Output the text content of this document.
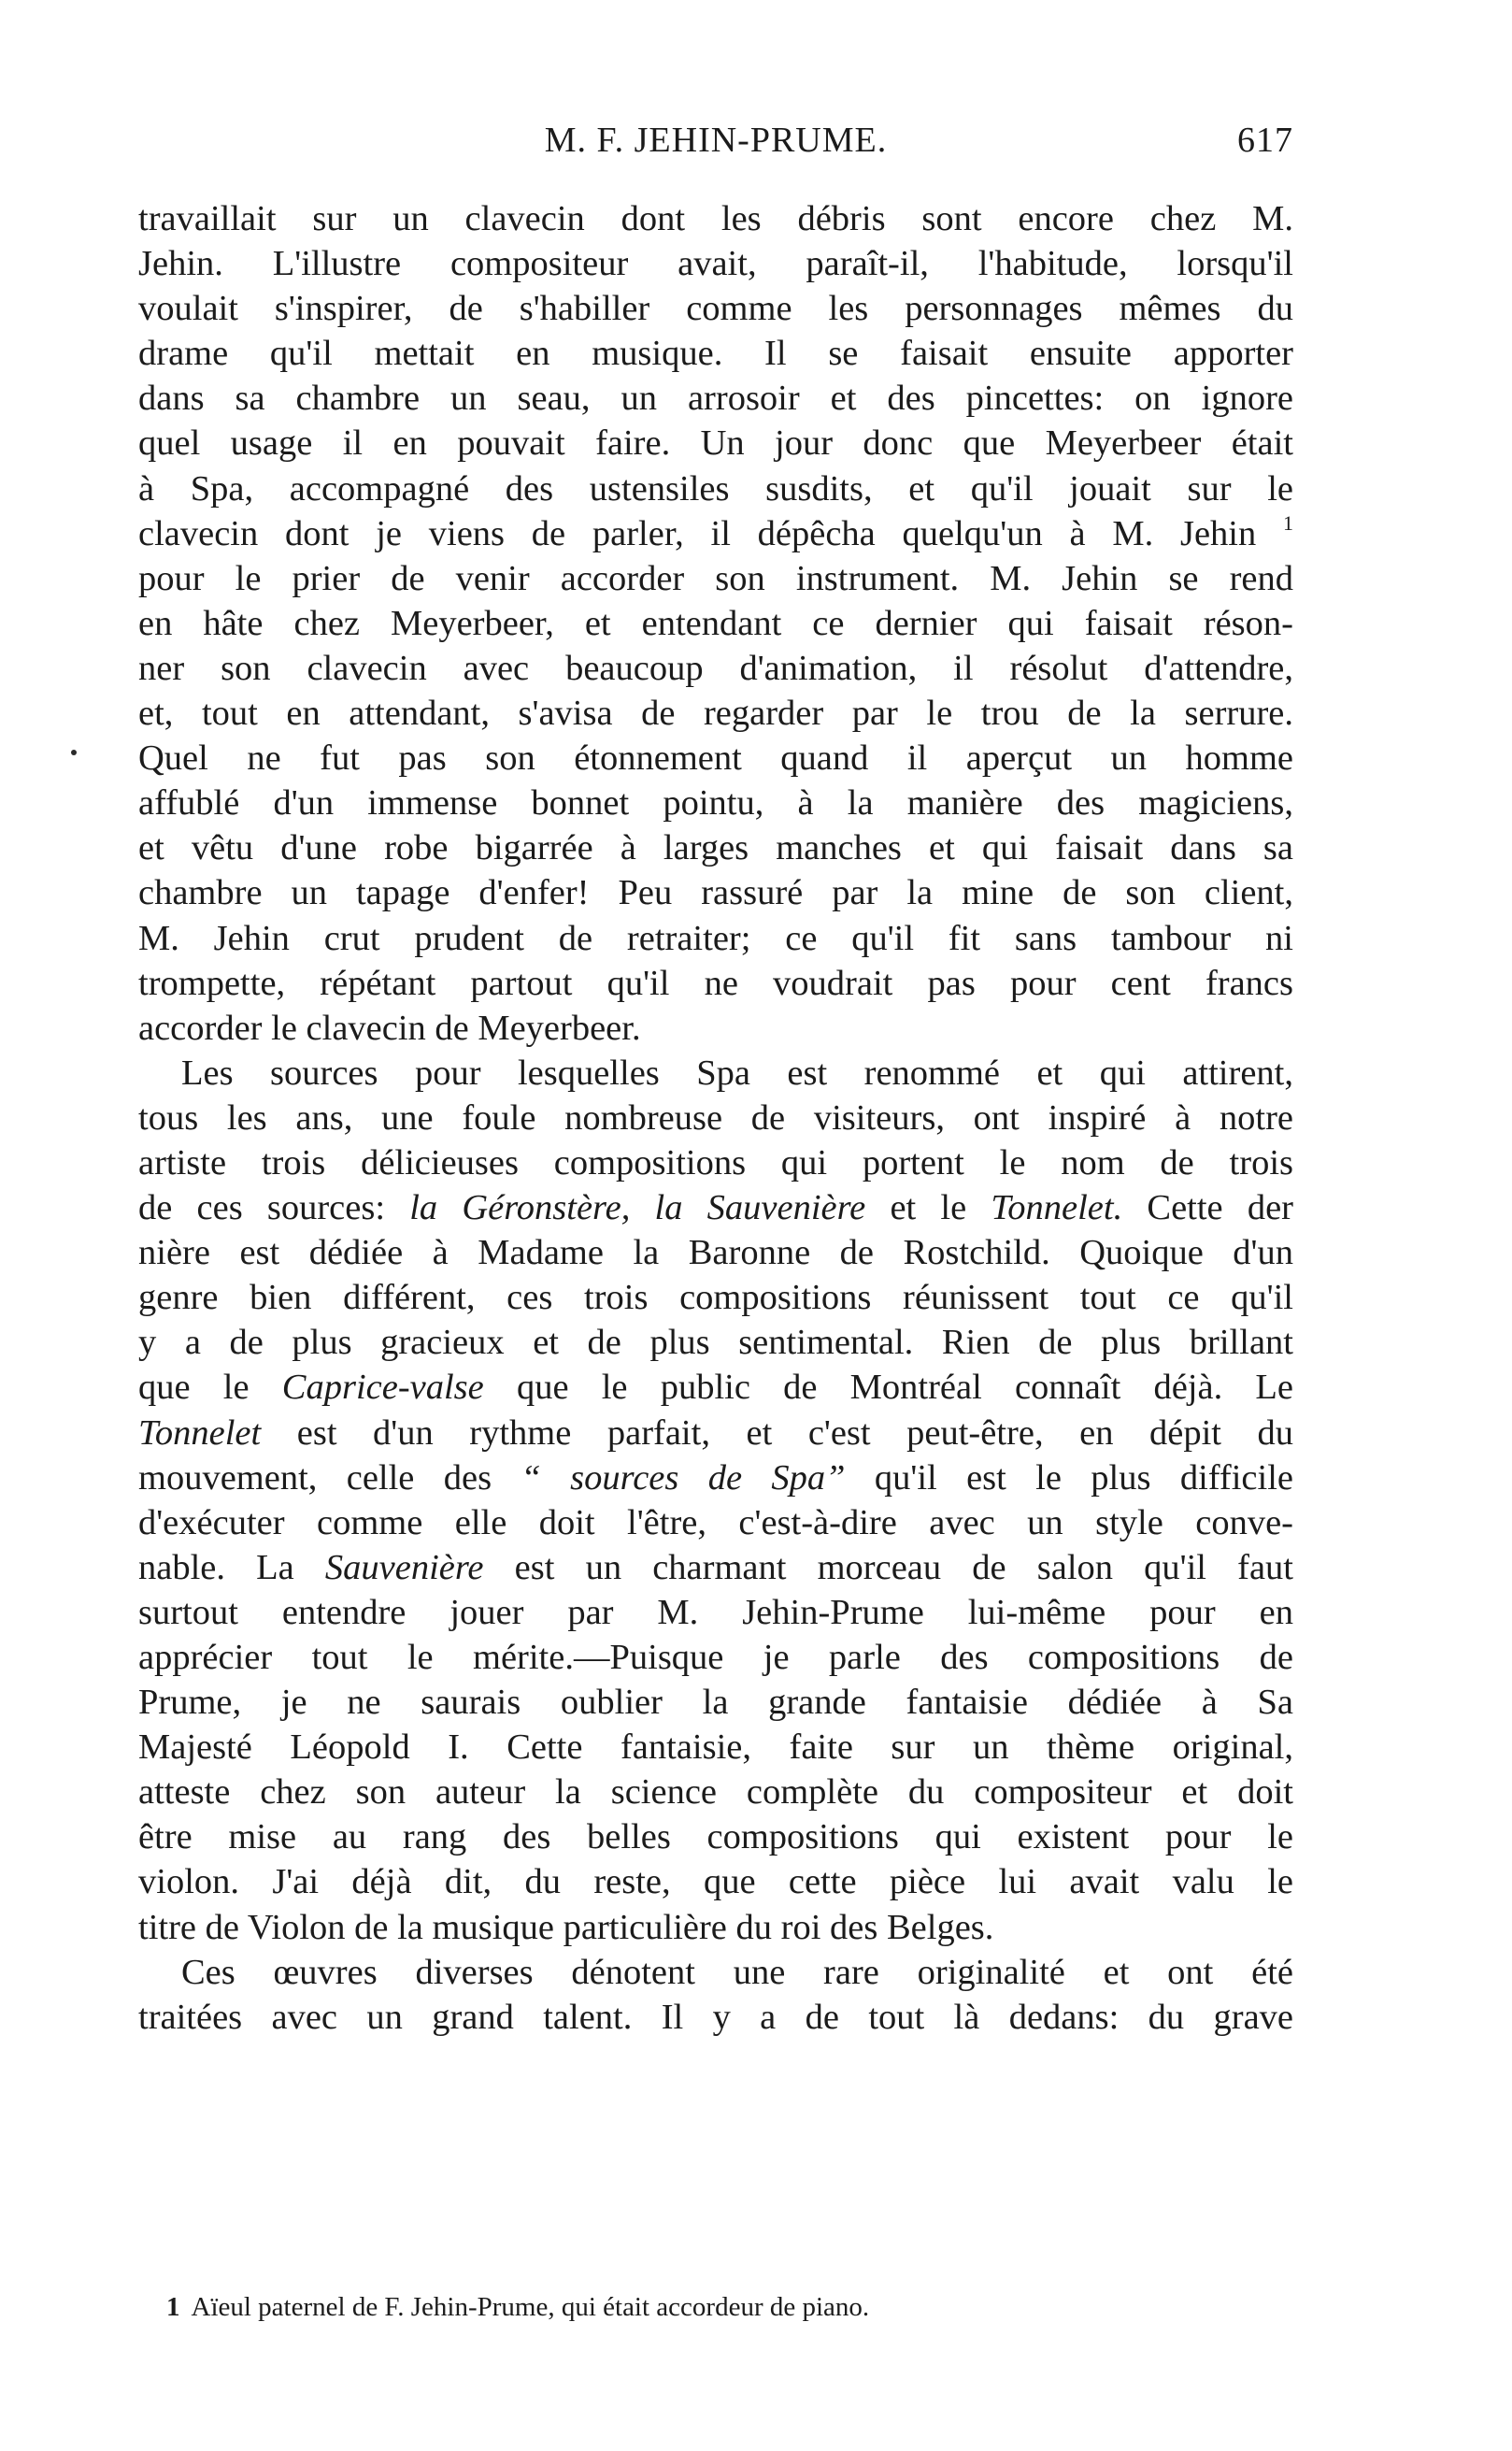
M. F. JEHIN-PRUME.	617
travaillait sur un clavecin dont les débris sont encore chez M.
Jehin. L'illustre compositeur avait, paraît-il, l'habitude, lorsqu'il
voulait s'inspirer, de s'habiller comme les personnages mêmes du
drame qu'il mettait en musique. Il se faisait ensuite apporter
dans sa chambre un seau, un arrosoir et des pincettes: on ignore
quel usage il en pouvait faire. Un jour donc que Meyerbeer était
à Spa, accompagné des ustensiles susdits, et qu'il jouait sur le
clavecin dont je viens de parler, il dépêcha quelqu'un à M. Jehin $^1$
pour le prier de venir accorder son instrument. M. Jehin se rend
en hâte chez Meyerbeer, et entendant ce dernier qui faisait réson-
ner son clavecin avec beaucoup d'animation, il résolut d'attendre,
et, tout en attendant, s'avisa de regarder par le trou de la serrure.
Quel ne fut pas son étonnement quand il aperçut un homme
affublé d'un immense bonnet pointu, à la manière des magiciens,
et vêtu d'une robe bigarrée à larges manches et qui faisait dans sa
chambre un tapage d'enfer! Peu rassuré par la mine de son client,
M. Jehin crut prudent de retraiter; ce qu'il fit sans tambour ni
trompette, répétant partout qu'il ne voudrait pas pour cent francs
accorder le clavecin de Meyerbeer.
Les sources pour lesquelles Spa est renommé et qui attirent,
tous les ans, une foule nombreuse de visiteurs, ont inspiré à notre
artiste trois délicieuses compositions qui portent le nom de trois
de ces sources: la Géronstère, la Sauvenière et le Tonnelet. Cette der
nière est dédiée à Madame la Baronne de Rostchild. Quoique d'un
genre bien différent, ces trois compositions réunissent tout ce qu'il
y a de plus gracieux et de plus sentimental. Rien de plus brillant
que le Caprice-valse que le public de Montréal connaît déjà. Le
Tonnelet est d'un rythme parfait, et c'est peut-être, en dépit du
mouvement, celle des “ sources de Spa” qu'il est le plus difficile
d'exécuter comme elle doit l'être, c'est-à-dire avec un style conve-
nable. La Sauvenière est un charmant morceau de salon qu'il faut
surtout entendre jouer par M. Jehin-Prume lui-même pour en
apprécier tout le mérite.—Puisque je parle des compositions de
Prume, je ne saurais oublier la grande fantaisie dédiée à Sa
Majesté Léopold I. Cette fantaisie, faite sur un thème original,
atteste chez son auteur la science complète du compositeur et doit
être mise au rang des belles compositions qui existent pour le
violon. J'ai déjà dit, du reste, que cette pièce lui avait valu le
titre de Violon de la musique particulière du roi des Belges.
Ces œuvres diverses dénotent une rare originalité et ont été
traitées avec un grand talent. Il y a de tout là dedans: du grave
1 Aïeul paternel de F. Jehin-Prume, qui était accordeur de piano.
